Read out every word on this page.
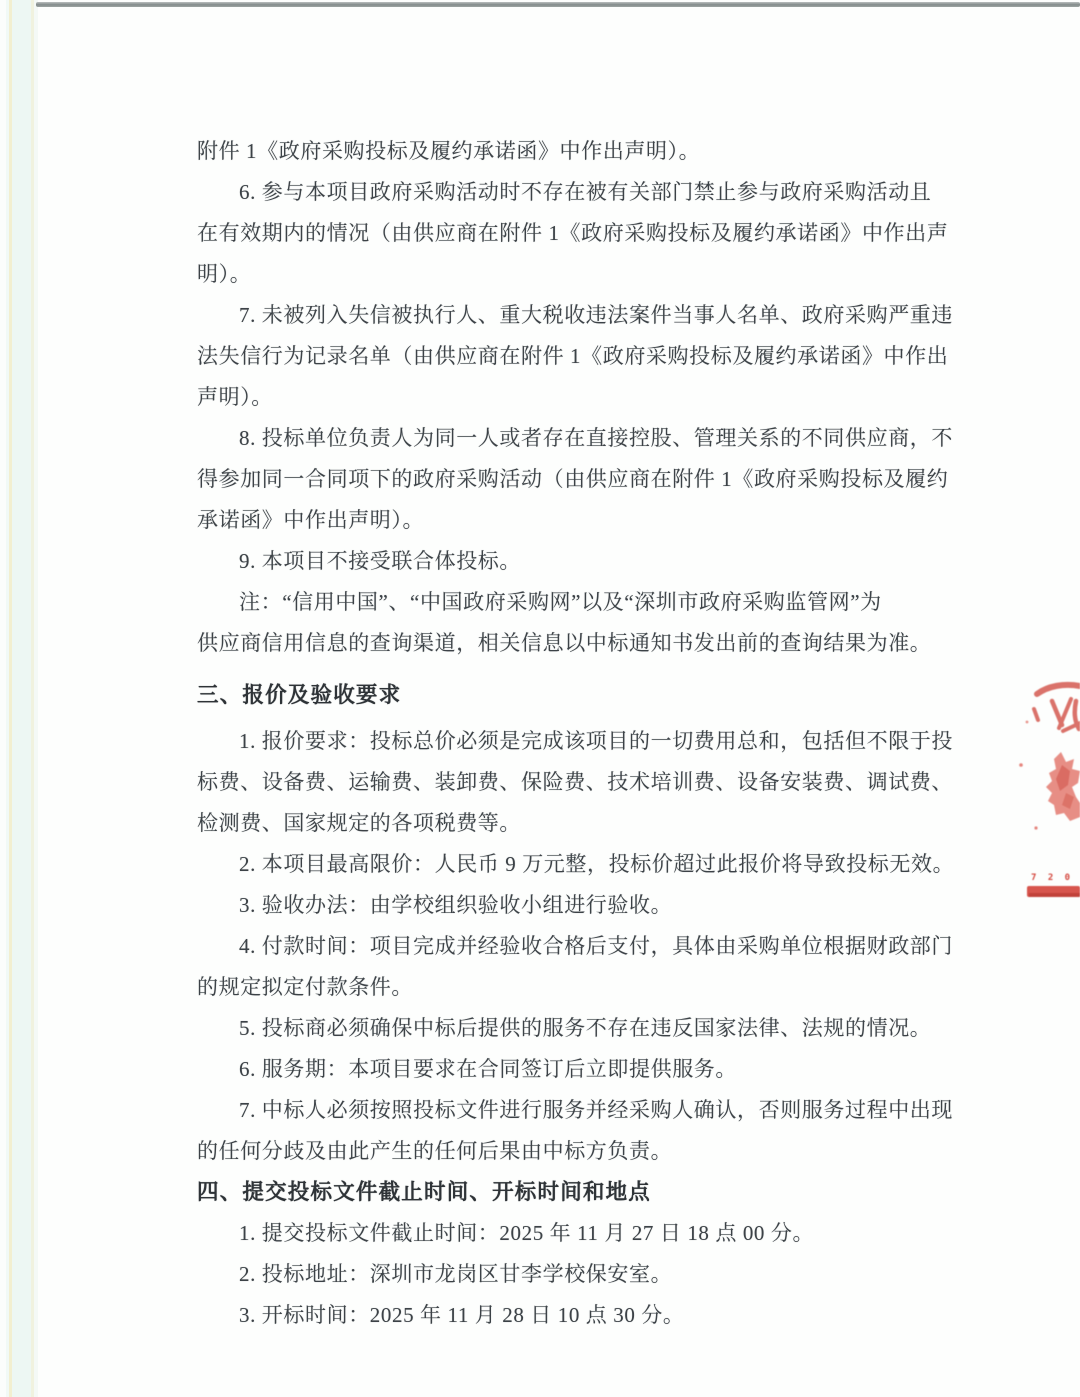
附件 1《政府采购投标及履约承诺函》中作出声明）。
6. 参与本项目政府采购活动时不存在被有关部门禁止参与政府采购活动且
在有效期内的情况（由供应商在附件 1《政府采购投标及履约承诺函》中作出声
明）。
7. 未被列入失信被执行人、重大税收违法案件当事人名单、政府采购严重违
法失信行为记录名单（由供应商在附件 1《政府采购投标及履约承诺函》中作出
声明）。
8. 投标单位负责人为同一人或者存在直接控股、管理关系的不同供应商，不
得参加同一合同项下的政府采购活动（由供应商在附件 1《政府采购投标及履约
承诺函》中作出声明）。
9. 本项目不接受联合体投标。
注：“信用中国”、“中国政府采购网”以及“深圳市政府采购监管网”为
供应商信用信息的查询渠道，相关信息以中标通知书发出前的查询结果为准。
三、报价及验收要求
1. 报价要求：投标总价必须是完成该项目的一切费用总和，包括但不限于投
标费、设备费、运输费、装卸费、保险费、技术培训费、设备安装费、调试费、
检测费、国家规定的各项税费等。
2. 本项目最高限价：人民币 9 万元整，投标价超过此报价将导致投标无效。
3. 验收办法：由学校组织验收小组进行验收。
4. 付款时间：项目完成并经验收合格后支付，具体由采购单位根据财政部门
的规定拟定付款条件。
5. 投标商必须确保中标后提供的服务不存在违反国家法律、法规的情况。
6. 服务期：本项目要求在合同签订后立即提供服务。
7. 中标人必须按照投标文件进行服务并经采购人确认，否则服务过程中出现
的任何分歧及由此产生的任何后果由中标方负责。
四、提交投标文件截止时间、开标时间和地点
1. 提交投标文件截止时间：2025 年 11 月 27 日 18 点 00 分。
2. 投标地址：深圳市龙岗区甘李学校保安室。
3. 开标时间：2025 年 11 月 28 日 10 点 30 分。
7 2 0
